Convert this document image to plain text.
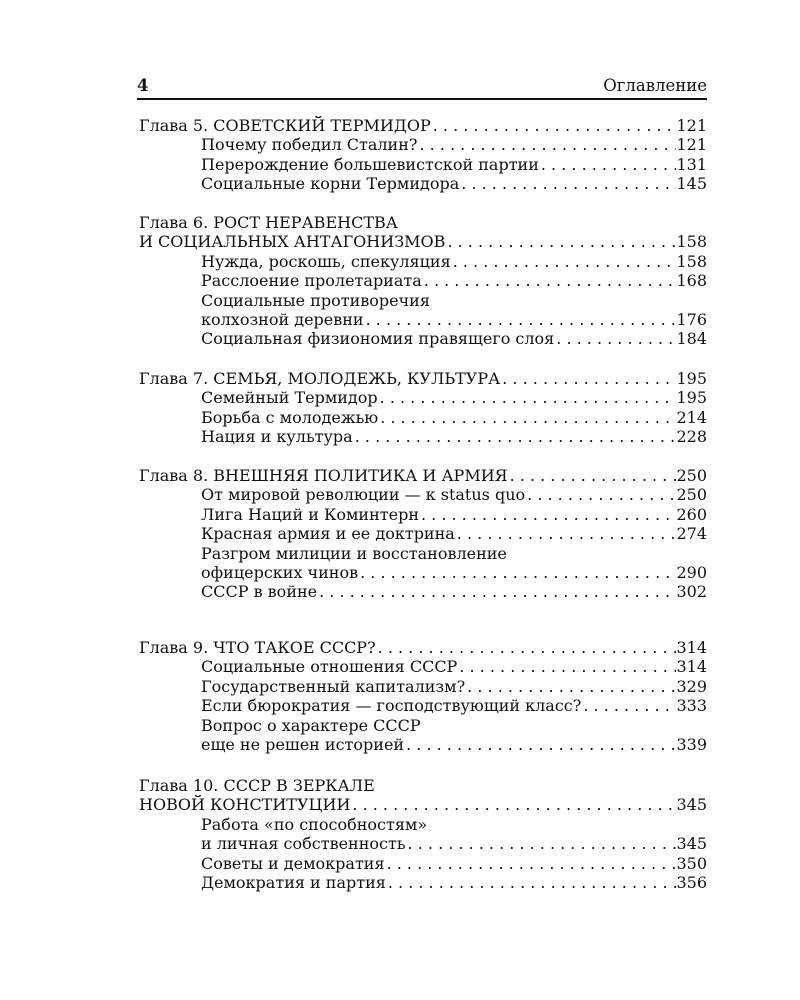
4	Оглавление
Глава 5. СОВЕТСКИЙ ТЕРМИДОР . . .	121
Почему победил Сталин? . . .	121
Перерождение большевистской партии . . .	131
Социальные корни Термидора . . .	145
Глава 6. РОСТ НЕРАВЕНСТВА
И СОЦИАЛЬНЫХ АНТАГОНИЗМОВ . . .	158
Нужда, роскошь, спекуляция . . .	158
Расслоение пролетариата . . .	168
Социальные противоречия
колхозной деревни . . .	176
Социальная физиономия правящего слоя . . .	184
Глава 7. СЕМЬЯ, МОЛОДЕЖЬ, КУЛЬТУРА . . .	195
Семейный Термидор . . .	195
Борьба с молодежью . . .	214
Нация и культура . . .	228
Глава 8. ВНЕШНЯЯ ПОЛИТИКА И АРМИЯ . . .	250
От мировой революции — к status quo . . .	250
Лига Наций и Коминтерн . . .	260
Красная армия и ее доктрина . . .	274
Разгром милиции и восстановление
офицерских чинов . . .	290
СССР в войне . . .	302
Глава 9. ЧТО ТАКОЕ СССР? . . .	314
Социальные отношения СССР . . .	314
Государственный капитализм? . . .	329
Если бюрократия — господствующий класс? . . .	333
Вопрос о характере СССР
еще не решен историей . . .	339
Глава 10. СССР В ЗЕРКАЛЕ
НОВОЙ КОНСТИТУЦИИ . . .	345
Работа «по способностям»
и личная собственность . . .	345
Советы и демократия . . .	350
Демократия и партия . . .	356
